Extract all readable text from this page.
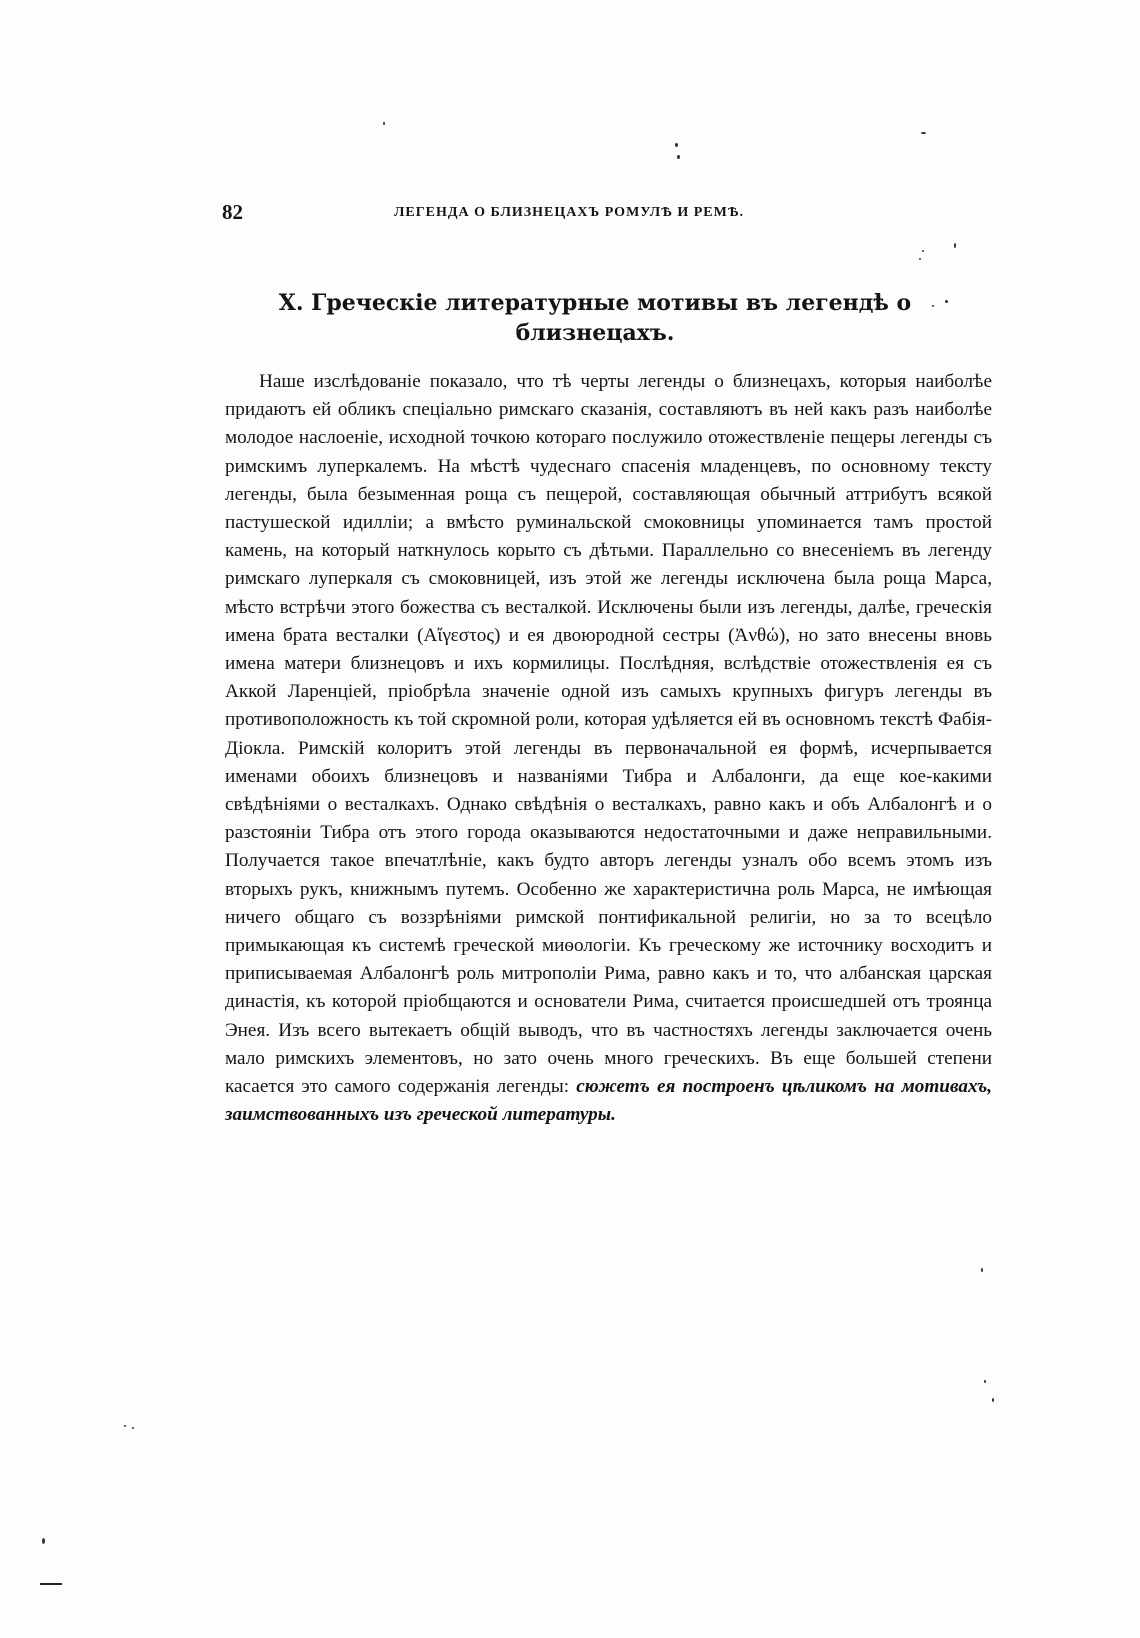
82	ЛЕГЕНДА О БЛИЗНЕЦАХЪ РОМУЛѢ И РЕМѢ.
X. Греческіе литературные мотивы въ легендѣ о близнецахъ.

Наше изслѣдованіе показало, что тѣ черты легенды о близнецахъ, которыя наиболѣе придаютъ ей обликъ спеціально римскаго сказанія, составляютъ въ ней какъ разъ наиболѣе молодое наслоеніе, исходной точкою котораго послужило отожествленіе пещеры легенды съ римскимъ луперкалемъ. На мѣстѣ чудеснаго спасенія младенцевъ, по основному тексту легенды, была безыменная роща съ пещерой, составляющая обычный аттрибутъ всякой пастушеской идилліи; а вмѣсто руминальской смоковницы упоминается тамъ простой камень, на который наткнулось корыто съ дѣтьми. Параллельно со внесеніемъ въ легенду римскаго луперкаля съ смоковницей, изъ этой же легенды исключена была роща Марса, мѣсто встрѣчи этого божества съ весталкой. Исключены были изъ легенды, далѣе, греческія имена брата весталки (Αἴγεστος) и ея двоюродной сестры (Ἀνθώ), но зато внесены вновь имена матери близнецовъ и ихъ кормилицы. Послѣдняя, вслѣдствіе отожествленія ея съ Аккой Ларенціей, пріобрѣла значеніе одной изъ самыхъ крупныхъ фигуръ легенды въ противоположность къ той скромной роли, которая удѣляется ей въ основномъ текстѣ Фабія-Діокла. Римскій колоритъ этой легенды въ первоначальной ея формѣ, исчерпывается именами обоихъ близнецовъ и названіями Тибра и Албалонги, да еще кое-какими свѣдѣніями о весталкахъ. Однако свѣдѣнія о весталкахъ, равно какъ и объ Албалонгѣ и о разстояніи Тибра отъ этого города оказываются недостаточными и даже неправильными. Получается такое впечатлѣніе, какъ будто авторъ легенды узналъ обо всемъ этомъ изъ вторыхъ рукъ, книжнымъ путемъ. Особенно же характеристична роль Марса, не имѣющая ничего общаго съ воззрѣніями римской понтификальной религіи, но за то всецѣло примыкающая къ системѣ греческой миѳологіи. Къ греческому же источнику восходитъ и приписываемая Албалонгѣ роль митрополіи Рима, равно какъ и то, что албанская царская династія, къ которой пріобщаются и основатели Рима, считается происшедшей отъ троянца Энея. Изъ всего вытекаетъ общій выводъ, что въ частностяхъ легенды заключается очень мало римскихъ элементовъ, но зато очень много греческихъ. Въ еще большей степени касается это самого содержанія легенды: сюжетъ ея построенъ цѣликомъ на мотивахъ, заимствованныхъ изъ греческой литературы.
